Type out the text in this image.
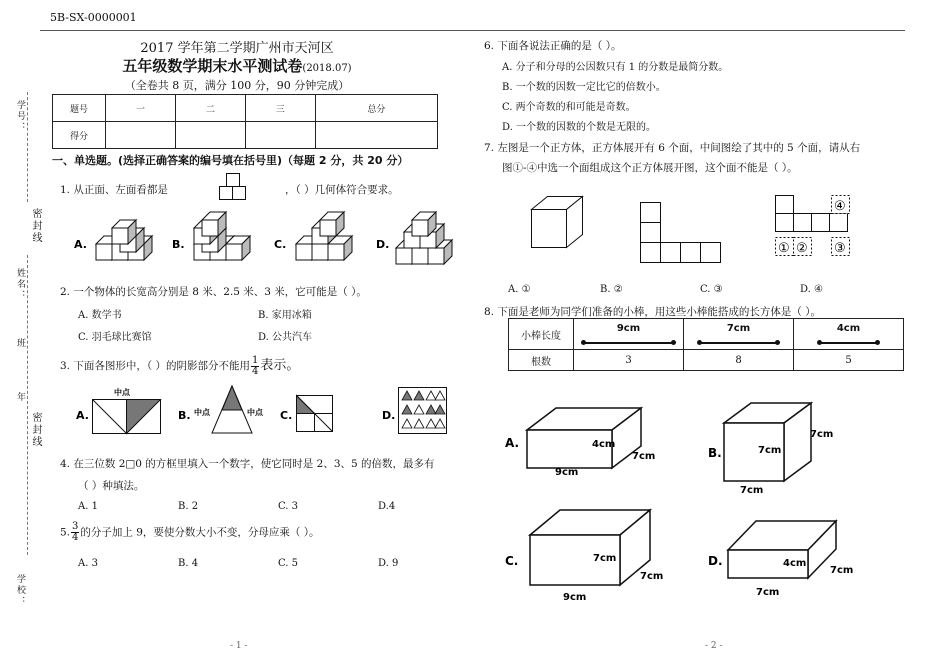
5B-SX-0000001
学号：
密封线
姓名：
班
年
密封线
学校：
2017 学年第二学期广州市天河区
五年级数学期末水平测试卷(2018.07)
（全卷共 8 页，满分 100 分，90 分钟完成）
题号	一	二	三	总分
得分				
一、单选题。(选择正确答案的编号填在括号里)（每题 2 分，共 20 分）
1. 从正面、左面看都是	，（ ）几何体符合要求。
A.	B.	C.	D.
2. 一个物体的长宽高分别是 8 米、2.5 米、3 米，它可能是（ ）。
A. 数学书	B. 家用冰箱
C. 羽毛球比赛馆	D. 公共汽车
3. 下面各图形中，（ ）的阴影部分不能用 $\frac{1}{4}$ 表示。
A.
中点
B. 中点	中点 C.	D.
4. 在三位数 2□0 的方框里填入一个数字，使它同时是 2、3、5 的倍数，最多有
（ ）种填法。
A. 1	B. 2	C. 3	D.4
5. $\frac{3}{4}$ 的分子加上 9，要使分数大小不变，分母应乘（ ）。
A. 3	B. 4	C. 5	D. 9
- 1 -
6. 下面各说法正确的是（ ）。
A. 分子和分母的公因数只有 1 的分数是最简分数。
B. 一个数的因数一定比它的倍数小。
C. 两个奇数的和可能是奇数。
D. 一个数的因数的个数是无限的。
7. 左图是一个正方体，正方体展开有 6 个面，中间图绘了其中的 5 个面，请从右
图①-④中选一个面组成这个正方体展开图，这个面不能是（ ）。
① ② ③
④
A. ①	B. ②	C. ③	D. ④
8. 下面是老师为同学们准备的小棒，用这些小棒能搭成的长方体是（ ）。
小棒长度	9cm	7cm	4cm

根数	3	8	5
A.	4cm
9cm
7cm	B.	7cm
7cm
7cm
C.	7cm
9cm
7cm
D.	4cm
7cm
7cm
- 2 -
